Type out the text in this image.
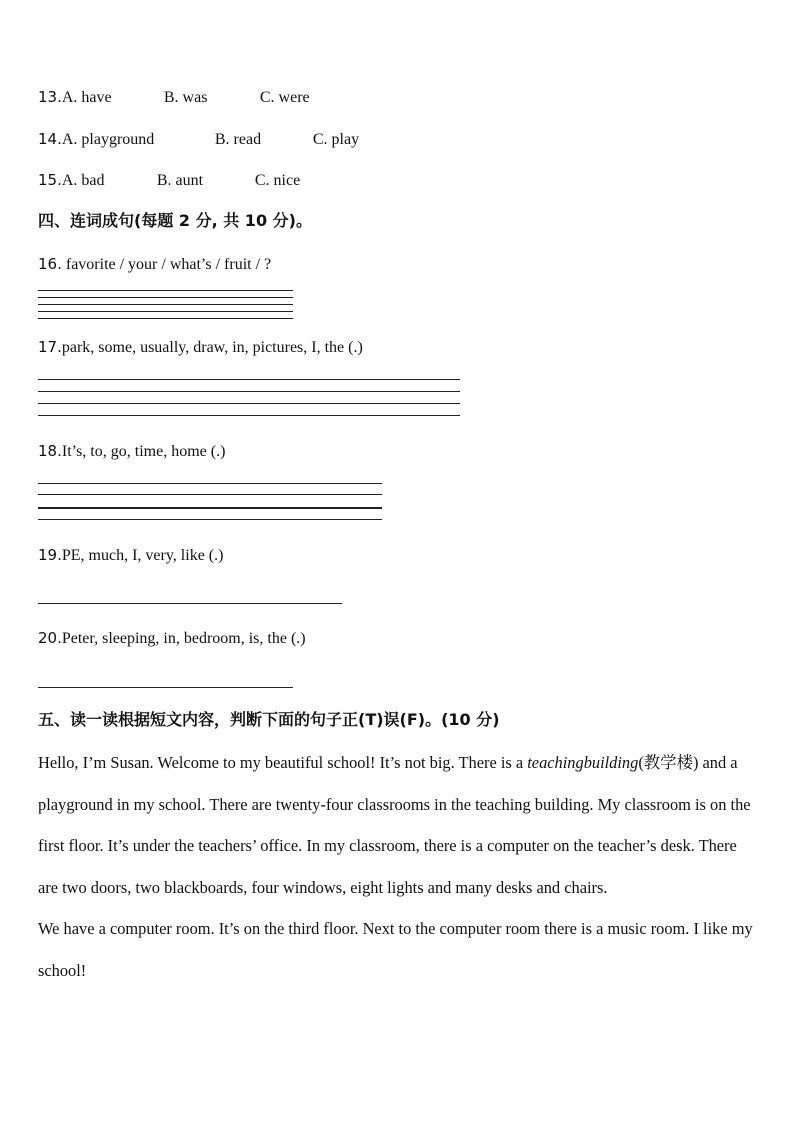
13.A. have	B. was	C. were
14.A. playground	B. read	C. play
15.A. bad	B. aunt	C. nice
四、连词成句(每题 2 分, 共 10 分)。
16. favorite / your / what’s / fruit / ?
17.park, some, usually, draw, in, pictures, I, the (.)
18.It’s, to, go, time, home (.)
19.PE, much, I, very, like (.)
20.Peter, sleeping, in, bedroom, is, the (.)
五、读一读根据短文内容，判断下面的句子正(T)误(F)。(10 分)

Hello, I’m Susan. Welcome to my beautiful school! It’s not big. There is a teachingbuilding(教学楼) and a playground in my school. There are twenty-four classrooms in the teaching building. My classroom is on the first floor. It’s under the teachers’ office. In my classroom, there is a computer on the teacher’s desk. There are two doors, two blackboards, four windows, eight lights and many desks and chairs.

We have a computer room. It’s on the third floor. Next to the computer room there is a music room. I like my school!
